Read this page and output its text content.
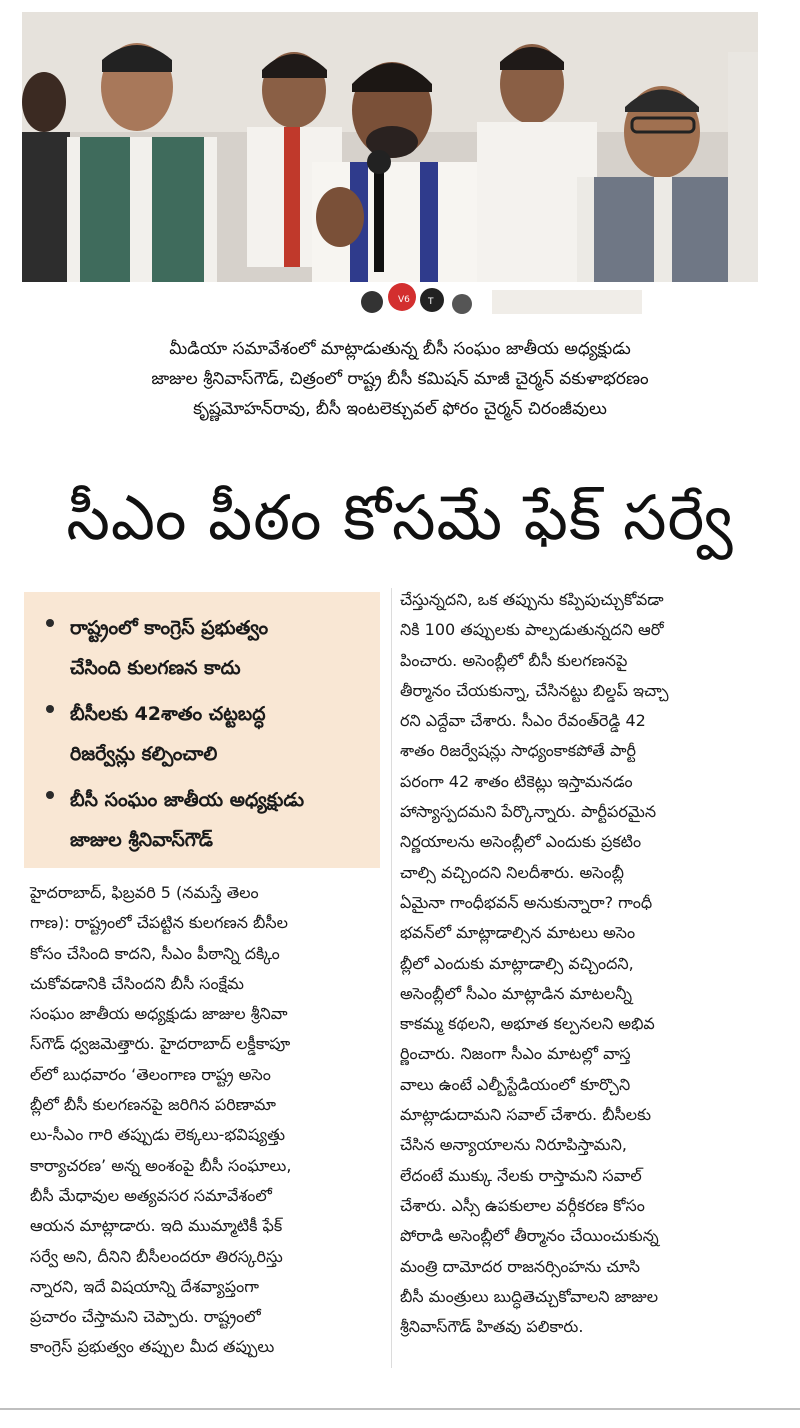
V6 T
మీడియా సమావేశంలో మాట్లాడుతున్న బీసీ సంఘం జాతీయ అధ్యక్షుడు
జాజుల శ్రీనివాస్‌గౌడ్, చిత్రంలో రాష్ట్ర బీసీ కమిషన్ మాజీ చైర్మన్ వకుళాభరణం
కృష్ణమోహన్‌రావు, బీసీ ఇంటలెక్చువల్ ఫోరం చైర్మన్ చిరంజీవులు
సీఎం పీఠం కోసమే ఫేక్ సర్వే
రాష్ట్రంలో కాంగ్రెస్ ప్రభుత్వం
చేసింది కులగణన కాదు
బీసీలకు 42శాతం చట్టబద్ధ
రిజర్వేన్లు కల్పించాలి
బీసీ సంఘం జాతీయ అధ్యక్షుడు
జాజుల శ్రీనివాస్‌గౌడ్
హైదరాబాద్, ఫిబ్రవరి 5 (నమస్తే తెలం
గాణ): రాష్ట్రంలో చేపట్టిన కులగణన బీసీల
కోసం చేసింది కాదని, సీఎం పీఠాన్ని దక్కిం
చుకోవడానికి చేసిందని బీసీ సంక్షేమ
సంఘం జాతీయ అధ్యక్షుడు జాజుల శ్రీనివా
స్‌గౌడ్ ధ్వజమెత్తారు. హైదరాబాద్ లక్డీకాపూ
ల్‌లో బుధవారం ‘తెలంగాణ రాష్ట్ర అసెం
బ్లీలో బీసీ కులగణనపై జరిగిన పరిణామా
లు-సీఎం గారి తప్పుడు లెక్కలు-భవిష్యత్తు
కార్యాచరణ’ అన్న అంశంపై బీసీ సంఘాలు,
బీసీ మేధావుల అత్యవసర సమావేశంలో
ఆయన మాట్లాడారు. ఇది ముమ్మాటికీ ఫేక్
సర్వే అని, దీనిని బీసీలందరూ తిరస్కరిస్తు
న్నారని, ఇదే విషయాన్ని దేశవ్యాప్తంగా
ప్రచారం చేస్తామని చెప్పారు. రాష్ట్రంలో
కాంగ్రెస్ ప్రభుత్వం తప్పుల మీద తప్పులు
చేస్తున్నదని, ఒక తప్పును కప్పిపుచ్చుకోవడా
నికి 100 తప్పులకు పాల్పడుతున్నదని ఆరో
పించారు. అసెంబ్లీలో బీసీ కులగణనపై
తీర్మానం చేయకున్నా, చేసినట్టు బిల్డప్ ఇచ్చా
రని ఎద్దేవా చేశారు. సీఎం రేవంత్‌రెడ్డి 42
శాతం రిజర్వేషన్లు సాధ్యంకాకపోతే పార్టీ
పరంగా 42 శాతం టికెట్లు ఇస్తామనడం
హాస్యాస్పదమని పేర్కొన్నారు. పార్టీపరమైన
నిర్ణయాలను అసెంబ్లీలో ఎందుకు ప్రకటిం
చాల్సి వచ్చిందని నిలదీశారు. అసెంబ్లీ
ఏమైనా గాంధీభవన్ అనుకున్నారా? గాంధీ
భవన్‌లో మాట్లాడాల్సిన మాటలు అసెం
బ్లీలో ఎందుకు మాట్లాడాల్సి వచ్చిందని,
అసెంబ్లీలో సీఎం మాట్లాడిన మాటలన్నీ
కాకమ్మ కథలని, అభూత కల్పనలని అభివ
ర్ణించారు. నిజంగా సీఎం మాటల్లో వాస్త
వాలు ఉంటే ఎల్బీస్టేడియంలో కూర్చొని
మాట్లాడుదామని సవాల్ చేశారు. బీసీలకు
చేసిన అన్యాయాలను నిరూపిస్తామని,
లేదంటే ముక్కు నేలకు రాస్తామని సవాల్
చేశారు. ఎస్సీ ఉపకులాల వర్గీకరణ కోసం
పోరాడి అసెంబ్లీలో తీర్మానం చేయించుకున్న
మంత్రి దామోదర రాజనర్సింహను చూసి
బీసీ మంత్రులు బుద్ధితెచ్చుకోవాలని జాజుల
శ్రీనివాస్‌గౌడ్ హితవు పలికారు.
